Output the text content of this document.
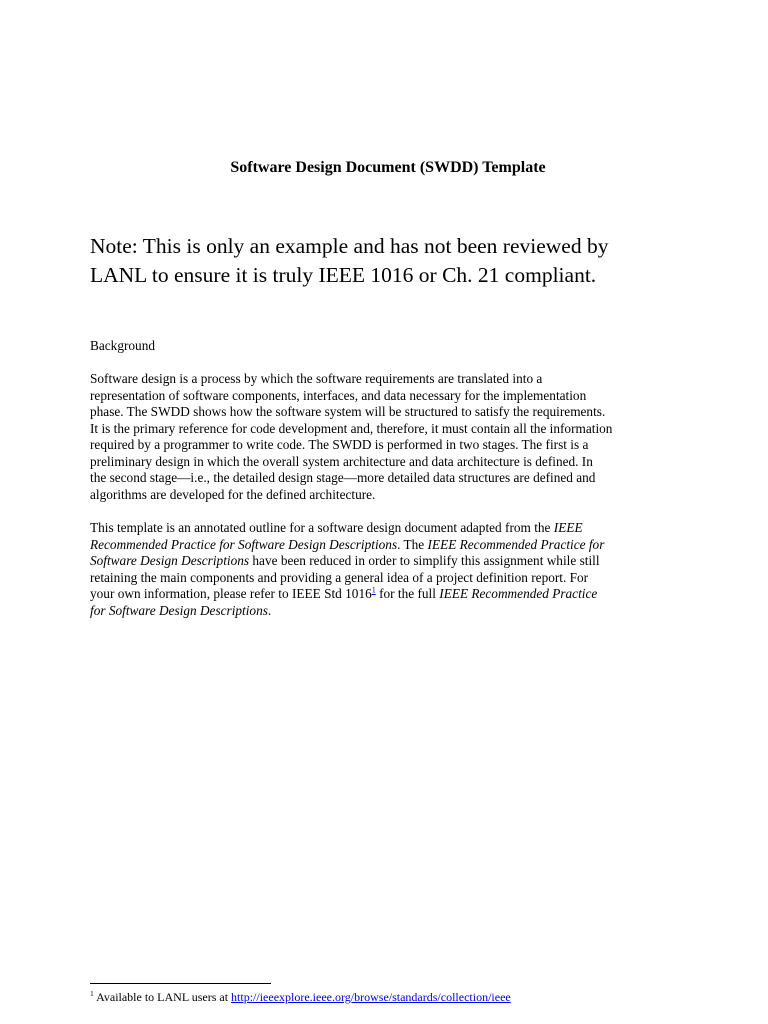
Software Design Document (SWDD) Template
Note: This is only an example and has not been reviewed by
LANL to ensure it is truly IEEE 1016 or Ch. 21 compliant.

Background

Software design is a process by which the software requirements are translated into a
representation of software components, interfaces, and data necessary for the implementation
phase. The SWDD shows how the software system will be structured to satisfy the requirements.
It is the primary reference for code development and, therefore, it must contain all the information
required by a programmer to write code. The SWDD is performed in two stages. The first is a
preliminary design in which the overall system architecture and data architecture is defined. In
the second stage—i.e., the detailed design stage—more detailed data structures are defined and
algorithms are developed for the defined architecture.
This template is an annotated outline for a software design document adapted from the IEEE
Recommended Practice for Software Design Descriptions. The IEEE Recommended Practice for
Software Design Descriptions have been reduced in order to simplify this assignment while still
retaining the main components and providing a general idea of a project definition report. For
your own information, please refer to IEEE Std 1016$^1$ for the full IEEE Recommended Practice
for Software Design Descriptions.

$^1$ Available to LANL users at http://ieeexplore.ieee.org/browse/standards/collection/ieee
